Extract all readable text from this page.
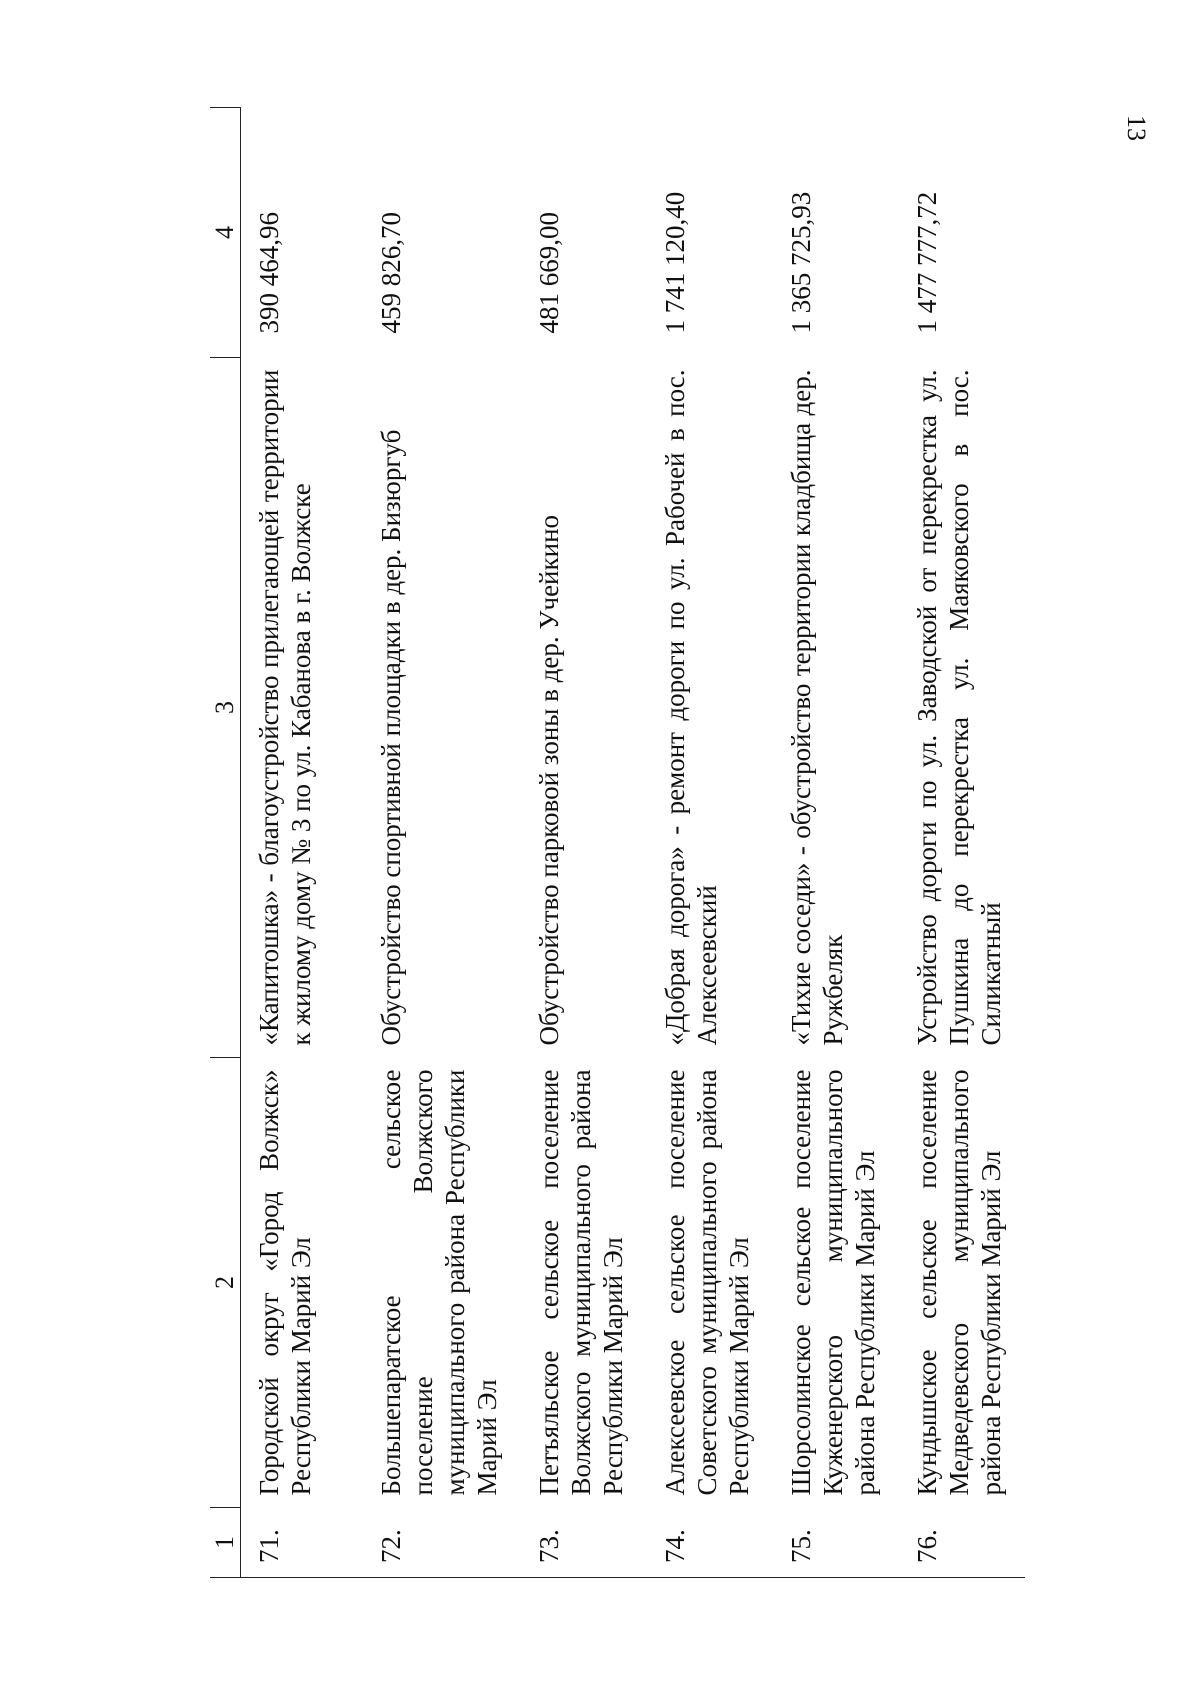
13
1	2	3	4
71.	Городской округ «Город Волжск» Республики Марий Эл	«Капитошка» - благоустройство прилегающей территории к жилому дому № 3 по ул. Кабанова в г. Волжске	390 464,96
72.	Большепаратское сельское поселение Волжского муниципального района Республики Марий Эл	Обустройство спортивной площадки в дер. Бизюргуб	459 826,70
73.	Петъяльское сельское поселение Волжского муниципального района Республики Марий Эл	Обустройство парковой зоны в дер. Учейкино	481 669,00
74.	Алексеевское сельское поселение Советского муниципального района Республики Марий Эл	«Добрая дорога» - ремонт дороги по ул. Рабочей в пос. Алексеевский	1 741 120,40
75.	Шорсолинское сельское поселение Куженерского муниципального района Республики Марий Эл	«Тихие соседи» - обустройство территории кладбища дер. Ружбеляк	1 365 725,93
76.	Кундышское сельское поселение Медведевского муниципального района Республики Марий Эл	Устройство дороги по ул. Заводской от перекрестка ул. Пушкина до перекрестка ул. Маяковского в пос. Силикатный	1 477 777,72
